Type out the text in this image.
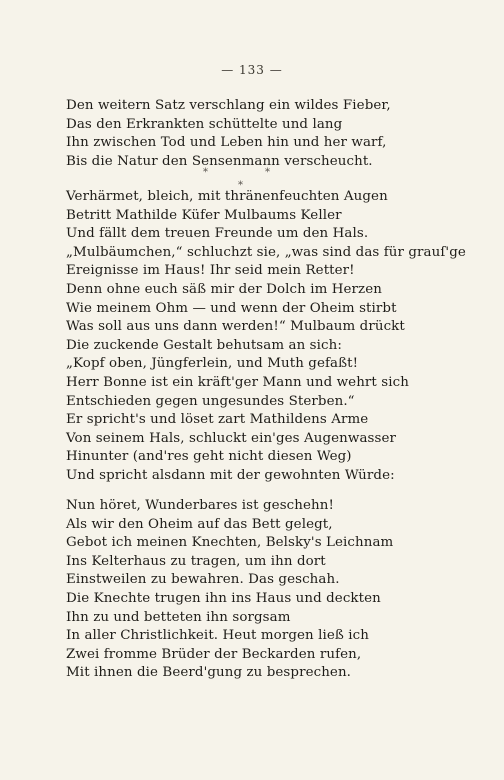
— 133 —
Den weitern Satz verschlang ein wildes Fieber,
Das den Erkrankten schüttelte und lang
Ihn zwischen Tod und Leben hin und her warf,
Bis die Natur den Sensenmann verscheucht.
*	*
*
Verhärmet, bleich, mit thränenfeuchten Augen
Betritt Mathilde Küfer Mulbaums Keller
Und fällt dem treuen Freunde um den Hals.
„Mulbäumchen,“ schluchzt sie, „was sind das für grauſ'ge
Ereignisse im Haus! Ihr seid mein Retter!
Denn ohne euch säß mir der Dolch im Herzen
Wie meinem Ohm — und wenn der Oheim stirbt
Was soll aus uns dann werden!“ Mulbaum drückt
Die zuckende Gestalt behutsam an sich:
„Kopf oben, Jüngferlein, und Muth gefaßt!
Herr Bonne ist ein kräft'ger Mann und wehrt sich
Entschieden gegen ungesundes Sterben.“
Er spricht's und löset zart Mathildens Arme
Von seinem Hals, schluckt ein'ges Augenwasser
Hinunter (and'res geht nicht diesen Weg)
Und spricht alsdann mit der gewohnten Würde:
Nun höret, Wunderbares ist geschehn!
Als wir den Oheim auf das Bett gelegt,
Gebot ich meinen Knechten, Belsky's Leichnam
Ins Kelterhaus zu tragen, um ihn dort
Einstweilen zu bewahren. Das geschah.
Die Knechte trugen ihn ins Haus und deckten
Ihn zu und betteten ihn sorgsam
In aller Christlichkeit. Heut morgen ließ ich
Zwei fromme Brüder der Beckarden rufen,
Mit ihnen die Beerd'gung zu besprechen.
